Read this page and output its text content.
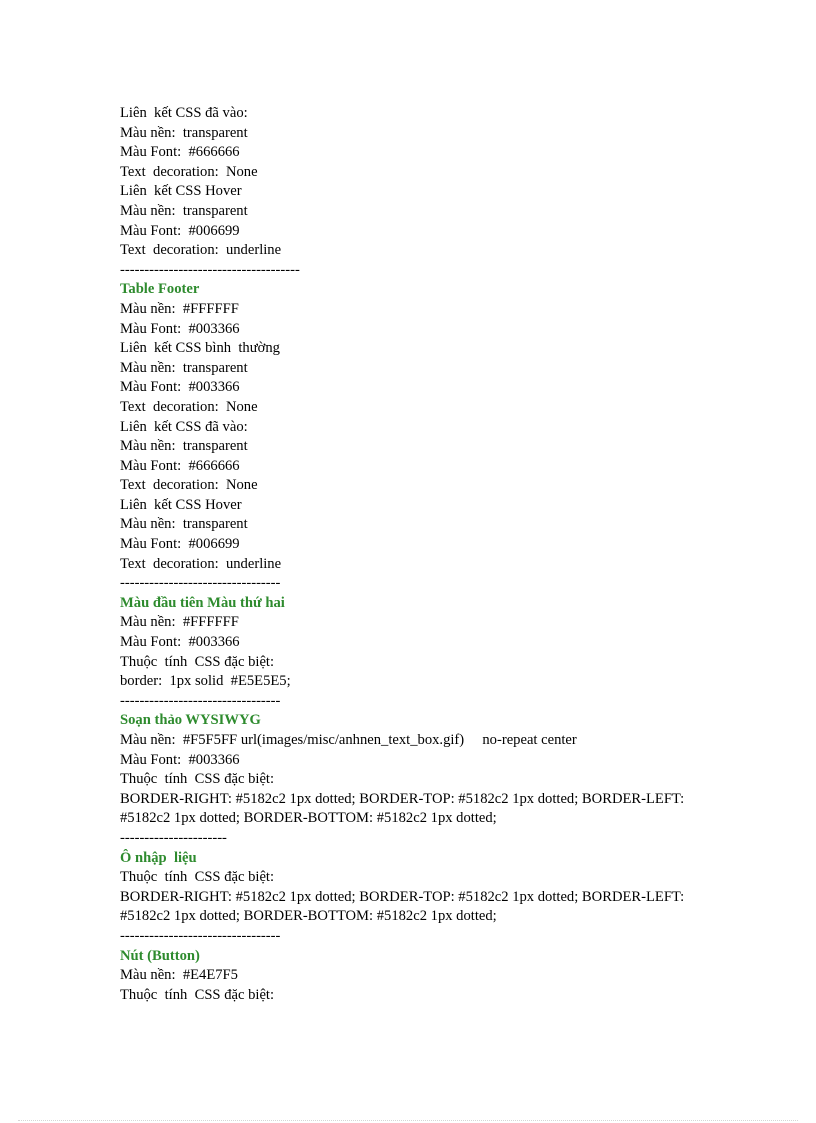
Liên  kết CSS đã vào:
Màu nền:  transparent
Màu Font:  #666666
Text  decoration:  None
Liên  kết CSS Hover
Màu nền:  transparent
Màu Font:  #006699
Text  decoration:  underline
-------------------------------------
Table Footer
Màu nền:  #FFFFFF
Màu Font:  #003366
Liên  kết CSS bình  thường
Màu nền:  transparent
Màu Font:  #003366
Text  decoration:  None
Liên  kết CSS đã vào:
Màu nền:  transparent
Màu Font:  #666666
Text  decoration:  None
Liên  kết CSS Hover
Màu nền:  transparent
Màu Font:  #006699
Text  decoration:  underline
---------------------------------
Màu đầu tiên Màu thứ hai
Màu nền:  #FFFFFF
Màu Font:  #003366
Thuộc  tính  CSS đặc biệt:
border:  1px solid  #E5E5E5;
---------------------------------
Soạn thảo WYSIWYG
Màu nền:  #F5F5FF url(images/misc/anhnen_text_box.gif)     no-repeat center
Màu Font:  #003366
Thuộc  tính  CSS đặc biệt:
BORDER-RIGHT: #5182c2 1px dotted; BORDER-TOP: #5182c2 1px dotted; BORDER-LEFT: #5182c2 1px dotted; BORDER-BOTTOM: #5182c2 1px dotted;
----------------------
Ô nhập  liệu
Thuộc  tính  CSS đặc biệt:
BORDER-RIGHT: #5182c2 1px dotted; BORDER-TOP: #5182c2 1px dotted; BORDER-LEFT: #5182c2 1px dotted; BORDER-BOTTOM: #5182c2 1px dotted;
---------------------------------
Nút (Button)
Màu nền:  #E4E7F5
Thuộc  tính  CSS đặc biệt:
